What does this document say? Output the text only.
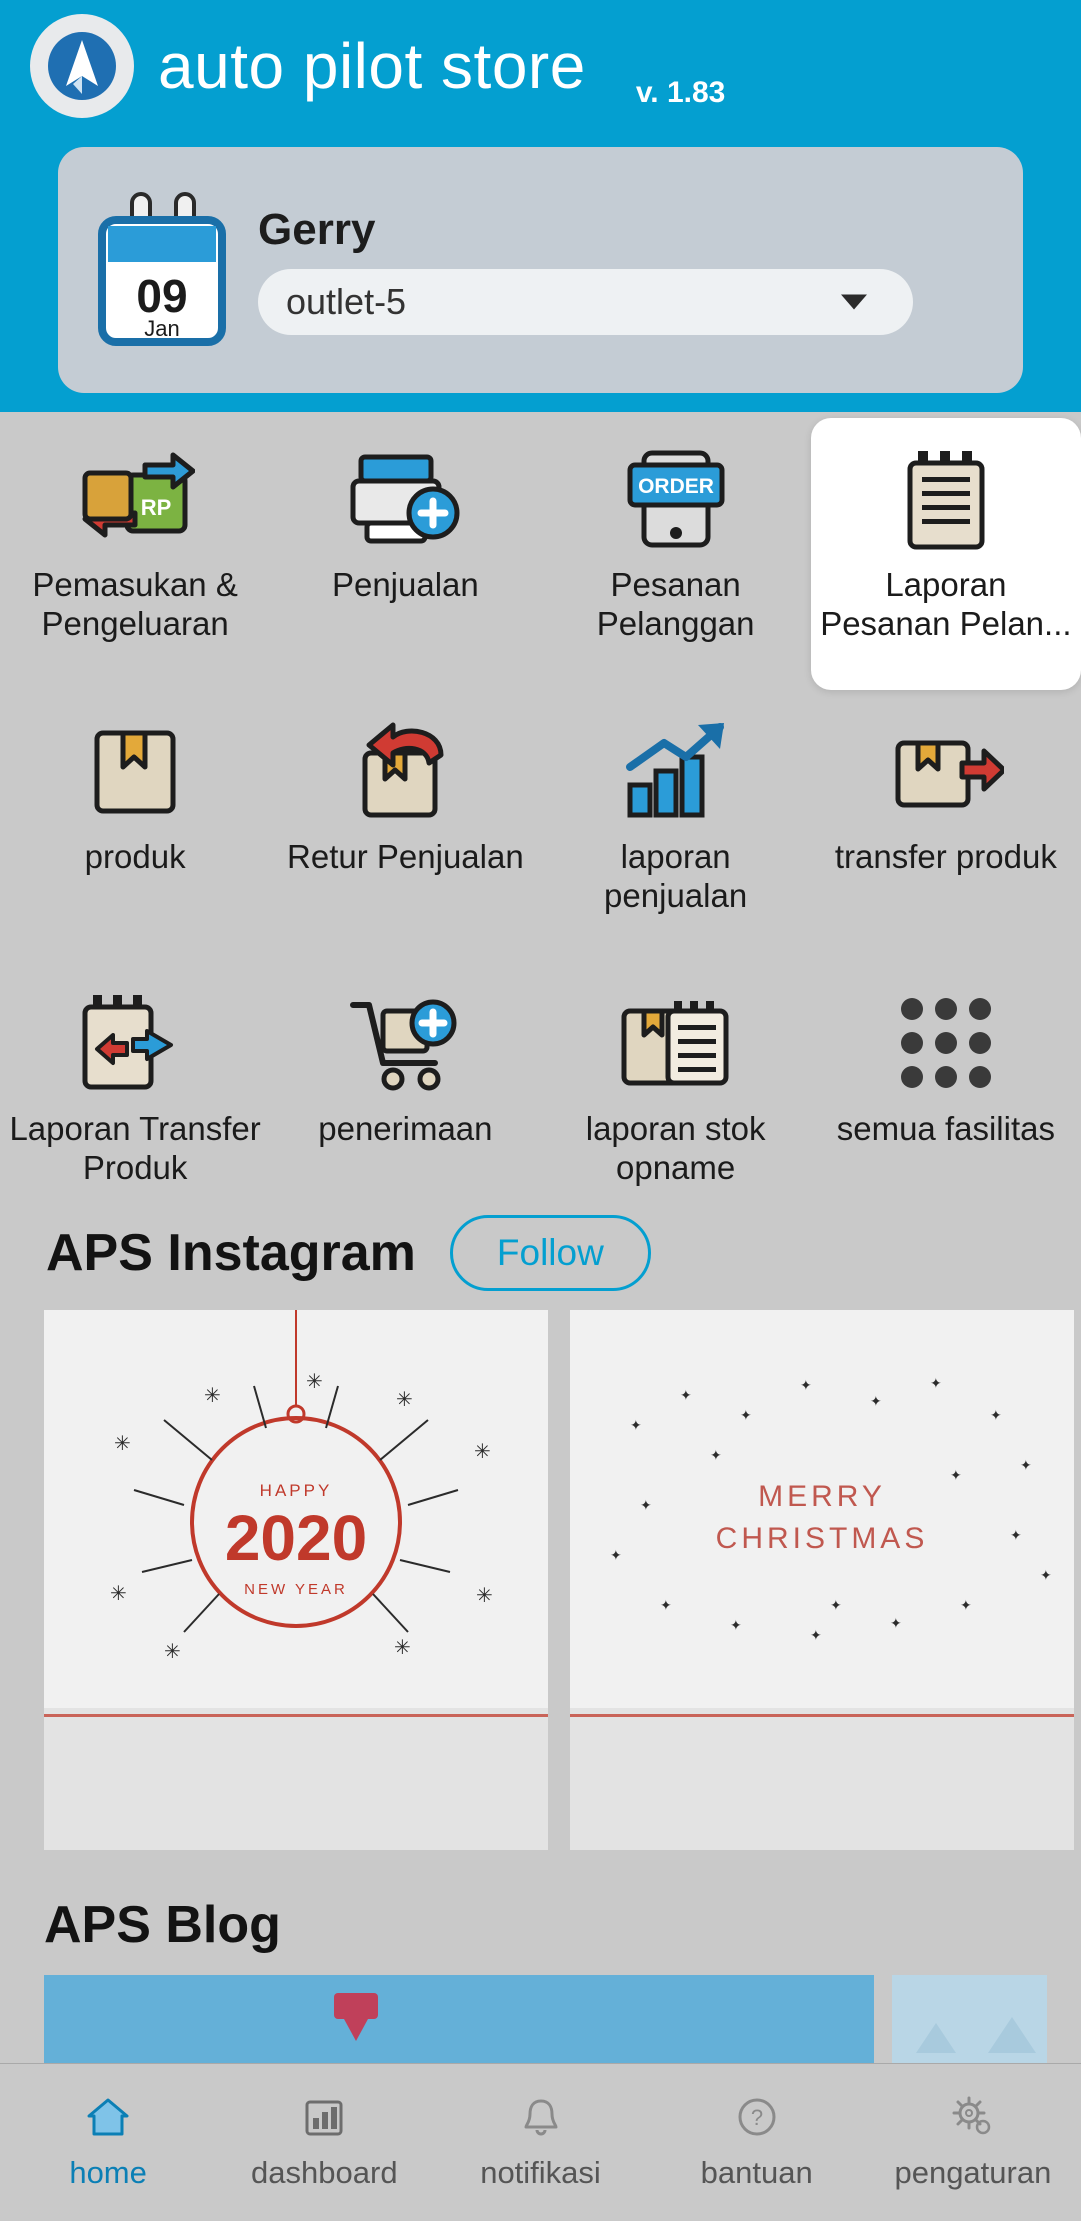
auto pilot store v. 1.83
09
Jan
Gerry
outlet-5
RP
Pemasukan & Pengeluaran
Penjualan
ORDER
Pesanan Pelanggan
Laporan Pesanan Pelan...
produk	Retur Penjualan	laporan penjualan
transfer produk
Laporan Transfer Produk
penerimaan	laporan stok opname
semua fasilitas
APS Instagram	Follow
✳
✳
✳
✳
✳
✳
✳	✳
✳
HAPPY
2020
NEW YEAR
✦
✦
✦
✦
✦
✦
✦
✦
✦
✦
✦
✦
✦
✦
✦
✦
✦
✦
✦
✦
MERRY
CHRISTMAS
APS Blog
home	dashboard	notifikasi
?
bantuan	pengaturan
